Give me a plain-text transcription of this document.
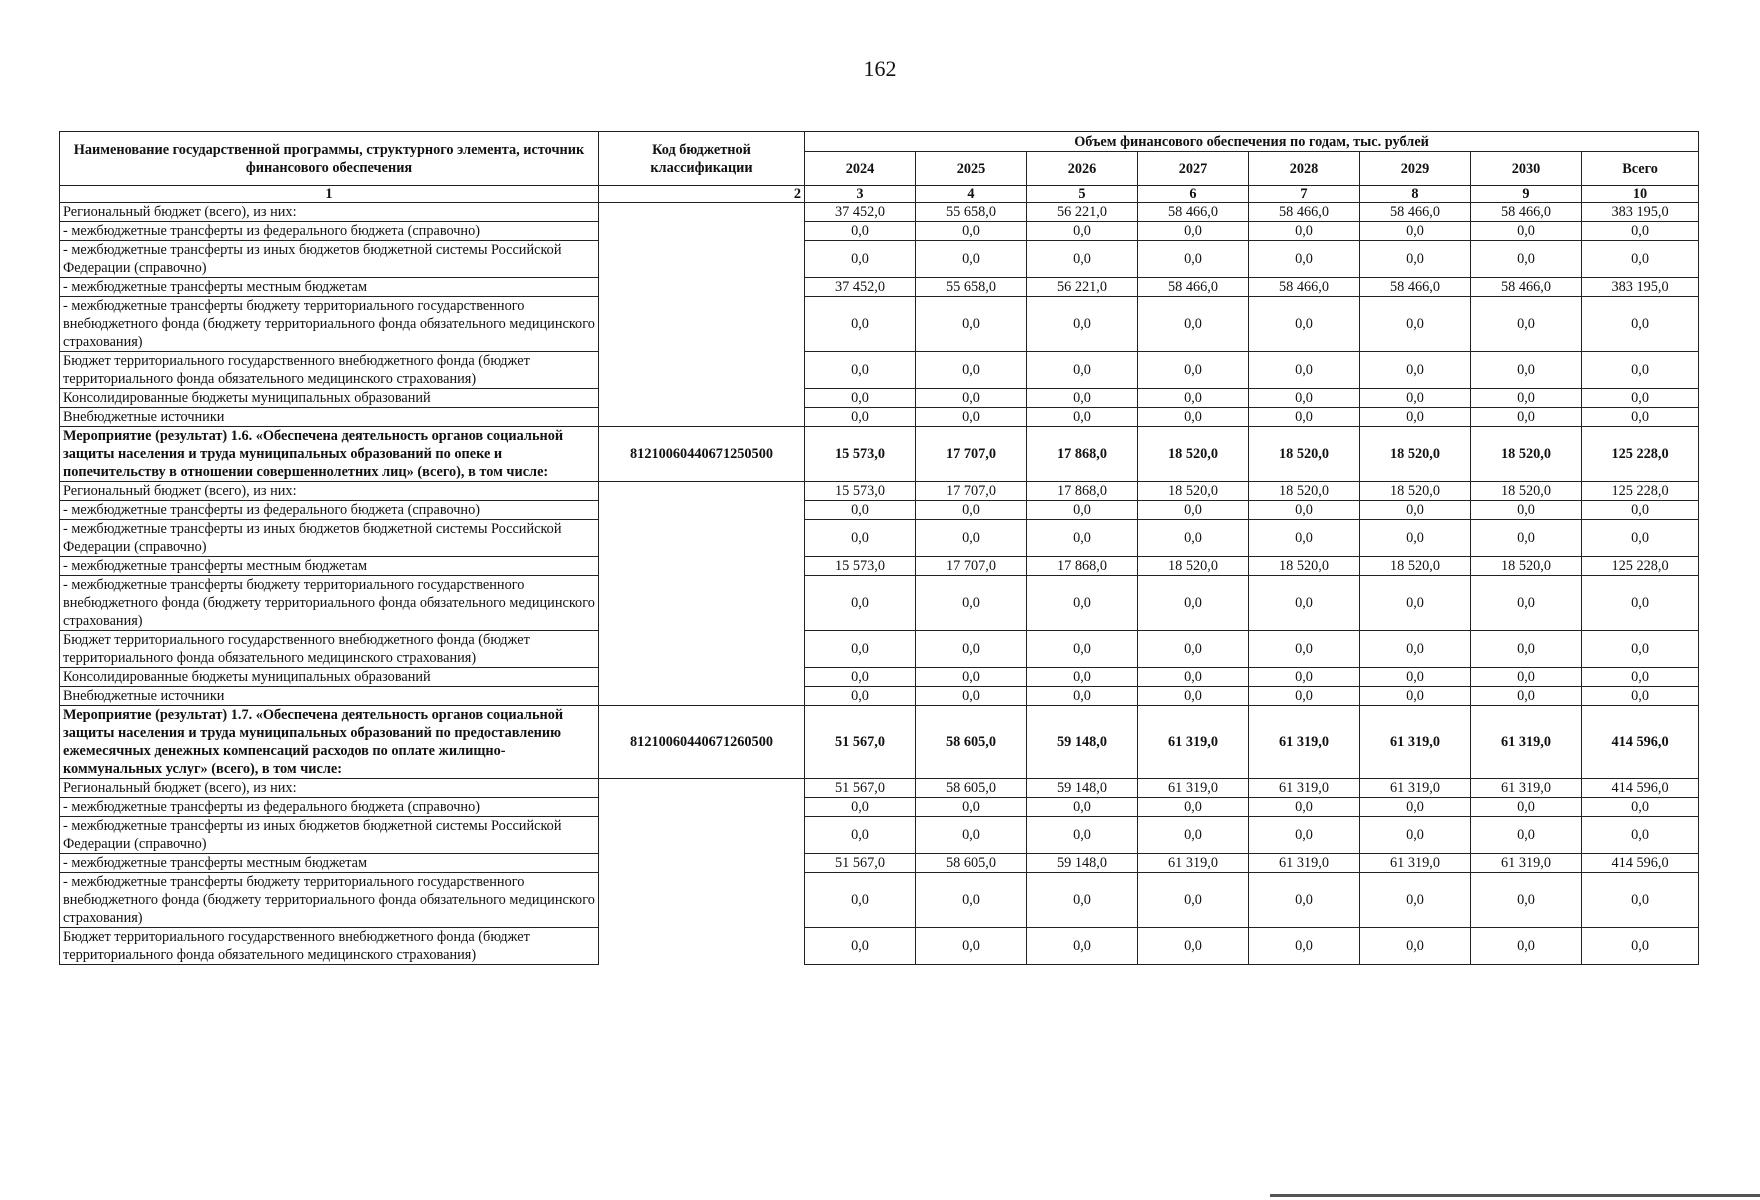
162
Наименование государственной программы, структурного элемента, источник финансового обеспечения	Код бюджетной классификации	Объем финансового обеспечения по годам, тыс. рублей							
		2024	2025	2026	2027	2028	2029	2030	Всего
1	2	3	4	5	6	7	8	9	10
Региональный бюджет (всего), из них:		37 452,0	55 658,0	56 221,0	58 466,0	58 466,0	58 466,0	58 466,0	383 195,0
- межбюджетные трансферты из федерального бюджета (справочно)		0,0	0,0	0,0	0,0	0,0	0,0	0,0	0,0
- межбюджетные трансферты из иных бюджетов бюджетной системы Российской Федерации (справочно)		0,0	0,0	0,0	0,0	0,0	0,0	0,0	0,0
- межбюджетные трансферты местным бюджетам		37 452,0	55 658,0	56 221,0	58 466,0	58 466,0	58 466,0	58 466,0	383 195,0
- межбюджетные трансферты бюджету территориального государственного внебюджетного фонда (бюджету территориального фонда обязательного медицинского страхования)		0,0	0,0	0,0	0,0	0,0	0,0	0,0	0,0
Бюджет территориального государственного внебюджетного фонда (бюджет территориального фонда обязательного медицинского страхования)		0,0	0,0	0,0	0,0	0,0	0,0	0,0	0,0
Консолидированные бюджеты муниципальных образований		0,0	0,0	0,0	0,0	0,0	0,0	0,0	0,0
Внебюджетные источники		0,0	0,0	0,0	0,0	0,0	0,0	0,0	0,0
Мероприятие (результат) 1.6. «Обеспечена деятельность органов социальной защиты населения и труда муниципальных образований по опеке и попечительству в отношении совершеннолетних лиц» (всего), в том числе:	81210060440671250500	15 573,0	17 707,0	17 868,0	18 520,0	18 520,0	18 520,0	18 520,0	125 228,0
Региональный бюджет (всего), из них:		15 573,0	17 707,0	17 868,0	18 520,0	18 520,0	18 520,0	18 520,0	125 228,0
- межбюджетные трансферты из федерального бюджета (справочно)		0,0	0,0	0,0	0,0	0,0	0,0	0,0	0,0
- межбюджетные трансферты из иных бюджетов бюджетной системы Российской Федерации (справочно)		0,0	0,0	0,0	0,0	0,0	0,0	0,0	0,0
- межбюджетные трансферты местным бюджетам		15 573,0	17 707,0	17 868,0	18 520,0	18 520,0	18 520,0	18 520,0	125 228,0
- межбюджетные трансферты бюджету территориального государственного внебюджетного фонда (бюджету территориального фонда обязательного медицинского страхования)		0,0	0,0	0,0	0,0	0,0	0,0	0,0	0,0
Бюджет территориального государственного внебюджетного фонда (бюджет территориального фонда обязательного медицинского страхования)		0,0	0,0	0,0	0,0	0,0	0,0	0,0	0,0
Консолидированные бюджеты муниципальных образований		0,0	0,0	0,0	0,0	0,0	0,0	0,0	0,0
Внебюджетные источники		0,0	0,0	0,0	0,0	0,0	0,0	0,0	0,0
Мероприятие (результат) 1.7. «Обеспечена деятельность органов социальной защиты населения и труда муниципальных образований по предоставлению ежемесячных денежных компенсаций расходов по оплате жилищно-коммунальных услуг» (всего), в том числе:	81210060440671260500	51 567,0	58 605,0	59 148,0	61 319,0	61 319,0	61 319,0	61 319,0	414 596,0
Региональный бюджет (всего), из них:		51 567,0	58 605,0	59 148,0	61 319,0	61 319,0	61 319,0	61 319,0	414 596,0
- межбюджетные трансферты из федерального бюджета (справочно)		0,0	0,0	0,0	0,0	0,0	0,0	0,0	0,0
- межбюджетные трансферты из иных бюджетов бюджетной системы Российской Федерации (справочно)		0,0	0,0	0,0	0,0	0,0	0,0	0,0	0,0
- межбюджетные трансферты местным бюджетам		51 567,0	58 605,0	59 148,0	61 319,0	61 319,0	61 319,0	61 319,0	414 596,0
- межбюджетные трансферты бюджету территориального государственного внебюджетного фонда (бюджету территориального фонда обязательного медицинского страхования)		0,0	0,0	0,0	0,0	0,0	0,0	0,0	0,0
Бюджет территориального государственного внебюджетного фонда (бюджет территориального фонда обязательного медицинского страхования)		0,0	0,0	0,0	0,0	0,0	0,0	0,0	0,0
